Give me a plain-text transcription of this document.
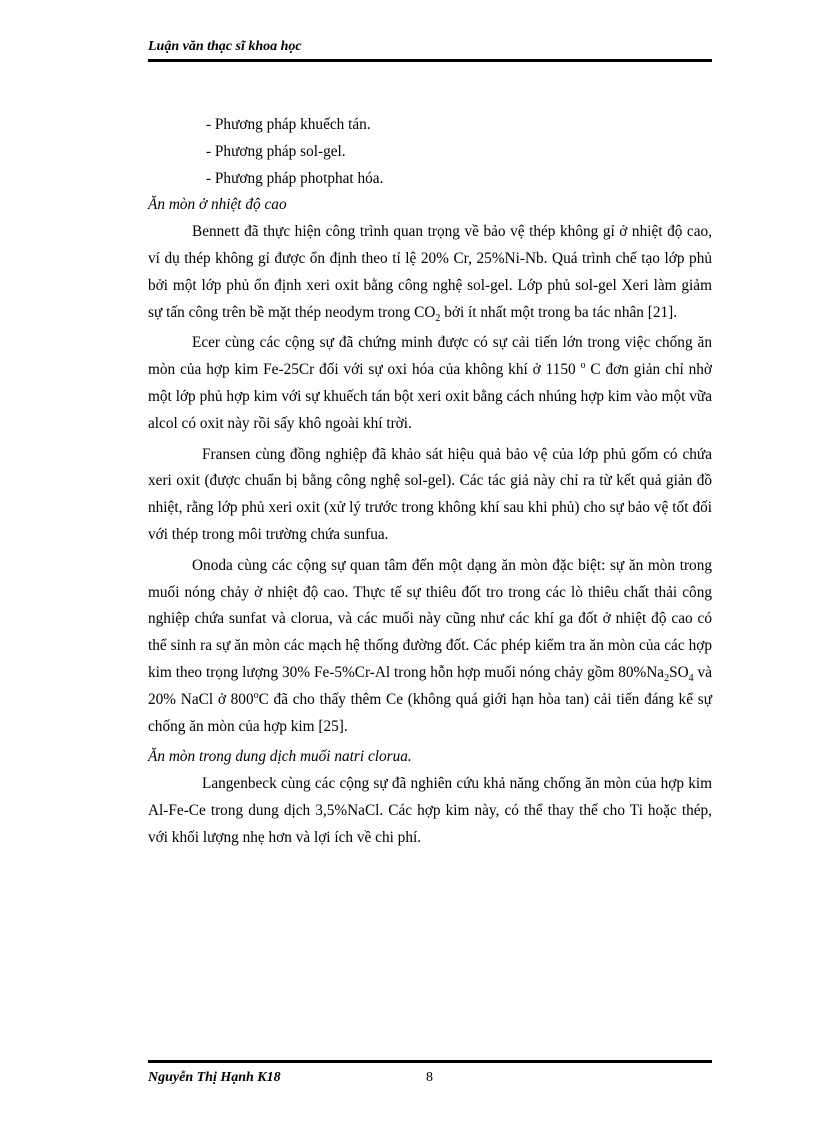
Luận văn thạc sĩ khoa học

- Phương pháp khuếch tán.

- Phương pháp sol-gel.

- Phương pháp photphat hóa.

Ăn mòn ở nhiệt độ cao

Bennett đã thực hiện công trình quan trọng về bảo vệ thép không gỉ ở nhiệt độ cao, ví dụ thép không gỉ được ổn định theo tỉ lệ 20% Cr, 25%Ni-Nb. Quá trình chế tạo lớp phủ bởi một lớp phủ ổn định xeri oxit bằng công nghệ sol-gel. Lớp phủ sol-gel Xeri làm giảm sự tấn công trên bề mặt thép neodym trong $CO_2$ bởi ít nhất một trong ba tác nhân [21].

Ecer cùng các cộng sự đã chứng minh được có sự cải tiến lớn trong việc chống ăn mòn của hợp kim Fe-25Cr đối với sự oxi hóa của không khí ở 1150 $^o$ C đơn giản chỉ nhờ một lớp phủ hợp kim với sự khuếch tán bột xeri oxit bằng cách nhúng hợp kim vào một vữa alcol có oxit này rồi sấy khô ngoài khí trời.

Fransen cùng đồng nghiệp đã khảo sát hiệu quả bảo vệ của lớp phủ gốm có chứa xeri oxit (được chuẩn bị bằng công nghệ sol-gel). Các tác giả này chỉ ra từ kết quả giản đồ nhiệt, rằng lớp phủ xeri oxit (xử lý trước trong không khí sau khi phủ) cho sự bảo vệ tốt đối với thép trong môi trường chứa sunfua.

Onoda cùng các cộng sự quan tâm đến một dạng ăn mòn đặc biệt: sự ăn mòn trong muối nóng chảy ở nhiệt độ cao. Thực tế sự thiêu đốt tro trong các lò thiêu chất thải công nghiệp chứa sunfat và clorua, và các muối này cũng như các khí ga đốt ở nhiệt độ cao có thể sinh ra sự ăn mòn các mạch hệ thống đường đốt. Các phép kiểm tra ăn mòn của các hợp kim theo trọng lượng 30% Fe-5%Cr-Al trong hỗn hợp muối nóng chảy gồm $80\%Na_2SO_4$ và 20% NaCl ở 800$^o$C đã cho thấy thêm Ce (không quá giới hạn hòa tan) cải tiến đáng kể sự chống ăn mòn của hợp kim [25].

Ăn mòn trong dung dịch muối natri clorua.

Langenbeck cùng các cộng sự đã nghiên cứu khả năng chống ăn mòn của hợp kim Al-Fe-Ce trong dung dịch 3,5%NaCl. Các hợp kim này, có thể thay thế cho Ti hoặc thép, với khối lượng nhẹ hơn và lợi ích về chi phí.

Nguyễn Thị Hạnh K18	8
